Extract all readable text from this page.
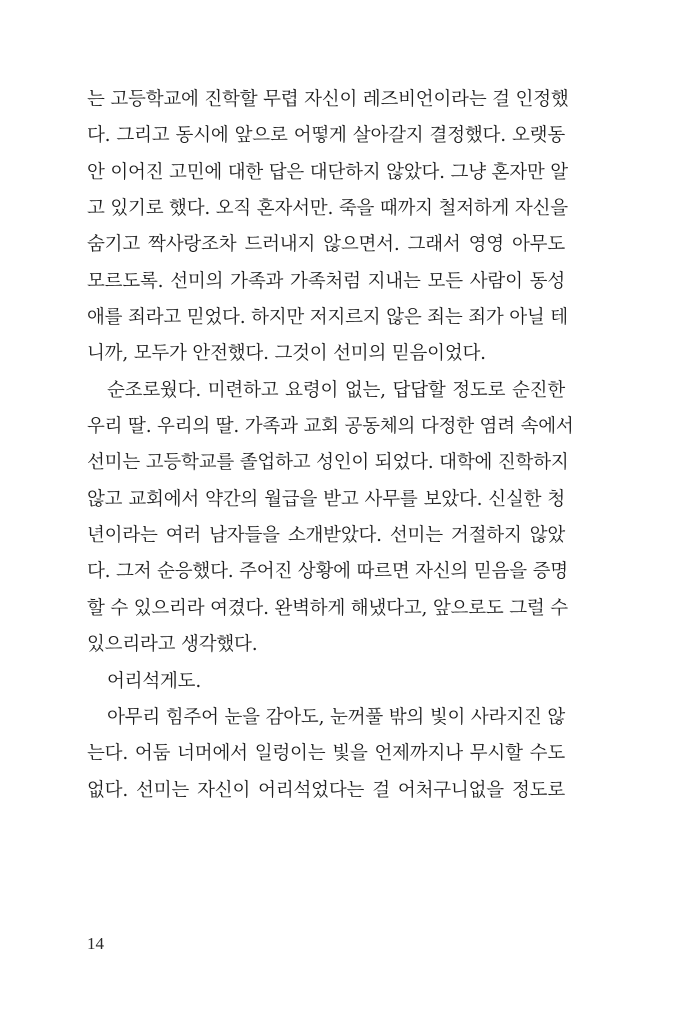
는 고등학교에 진학할 무렵 자신이 레즈비언이라는 걸 인정했
다. 그리고 동시에 앞으로 어떻게 살아갈지 결정했다. 오랫동
안 이어진 고민에 대한 답은 대단하지 않았다. 그냥 혼자만 알
고 있기로 했다. 오직 혼자서만. 죽을 때까지 철저하게 자신을
숨기고 짝사랑조차 드러내지 않으면서. 그래서 영영 아무도
모르도록. 선미의 가족과 가족처럼 지내는 모든 사람이 동성
애를 죄라고 믿었다. 하지만 저지르지 않은 죄는 죄가 아닐 테
니까, 모두가 안전했다. 그것이 선미의 믿음이었다.
순조로웠다. 미련하고 요령이 없는, 답답할 정도로 순진한
우리 딸. 우리의 딸. 가족과 교회 공동체의 다정한 염려 속에서
선미는 고등학교를 졸업하고 성인이 되었다. 대학에 진학하지
않고 교회에서 약간의 월급을 받고 사무를 보았다. 신실한 청
년이라는 여러 남자들을 소개받았다. 선미는 거절하지 않았
다. 그저 순응했다. 주어진 상황에 따르면 자신의 믿음을 증명
할 수 있으리라 여겼다. 완벽하게 해냈다고, 앞으로도 그럴 수
있으리라고 생각했다.
어리석게도.
아무리 힘주어 눈을 감아도, 눈꺼풀 밖의 빛이 사라지진 않
는다. 어둠 너머에서 일렁이는 빛을 언제까지나 무시할 수도
없다. 선미는 자신이 어리석었다는 걸 어처구니없을 정도로
14
